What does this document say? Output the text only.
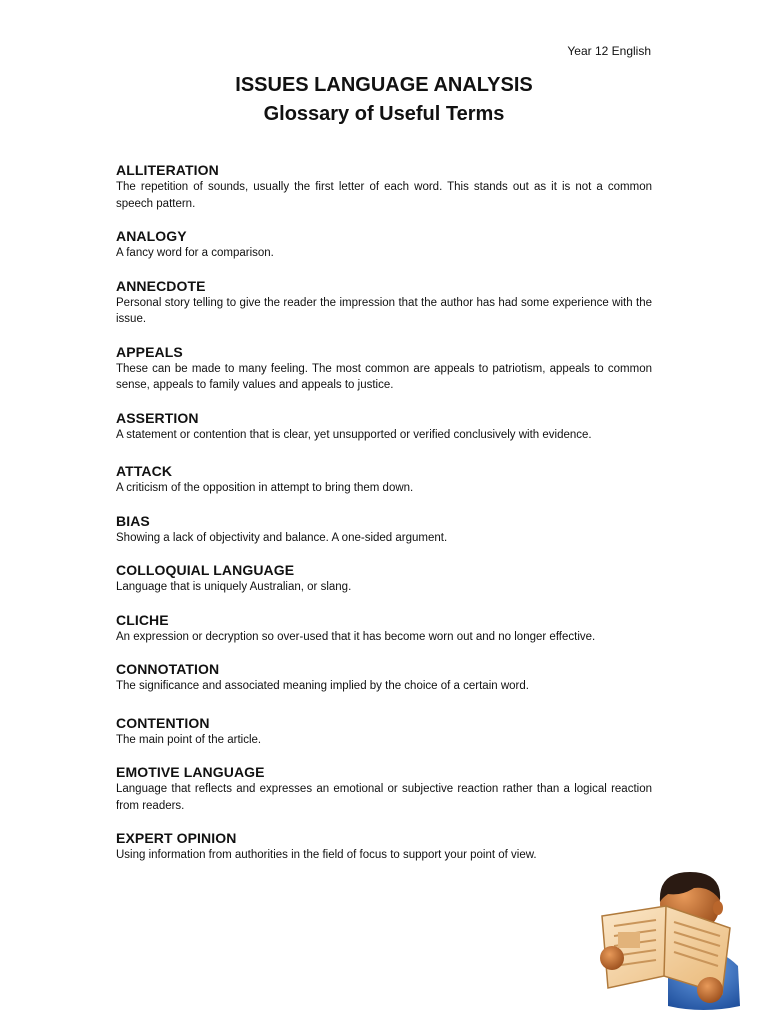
Year 12 English
ISSUES LANGUAGE ANALYSIS
Glossary of Useful Terms

ALLITERATION

The repetition of sounds, usually the first letter of each word. This stands out as it is not a common speech pattern.

ANALOGY

A fancy word for a comparison.

ANNECDOTE

Personal story telling to give the reader the impression that the author has had some experience with the issue.

APPEALS

These can be made to many feeling. The most common are appeals to patriotism, appeals to common sense, appeals to family values and appeals to justice.

ASSERTION

A statement or contention that is clear, yet unsupported or verified conclusively with evidence.

ATTACK

A criticism of the opposition in attempt to bring them down.

BIAS

Showing a lack of objectivity and balance. A one-sided argument.

COLLOQUIAL LANGUAGE

Language that is uniquely Australian, or slang.

CLICHE

An expression or decryption so over-used that it has become worn out and no longer effective.

CONNOTATION

The significance and associated meaning implied by the choice of a certain word.

CONTENTION

The main point of the article.

EMOTIVE LANGUAGE

Language that reflects and expresses an emotional or subjective reaction rather than a logical reaction from readers.

EXPERT OPINION

Using information from authorities in the field of focus to support your point of view.
